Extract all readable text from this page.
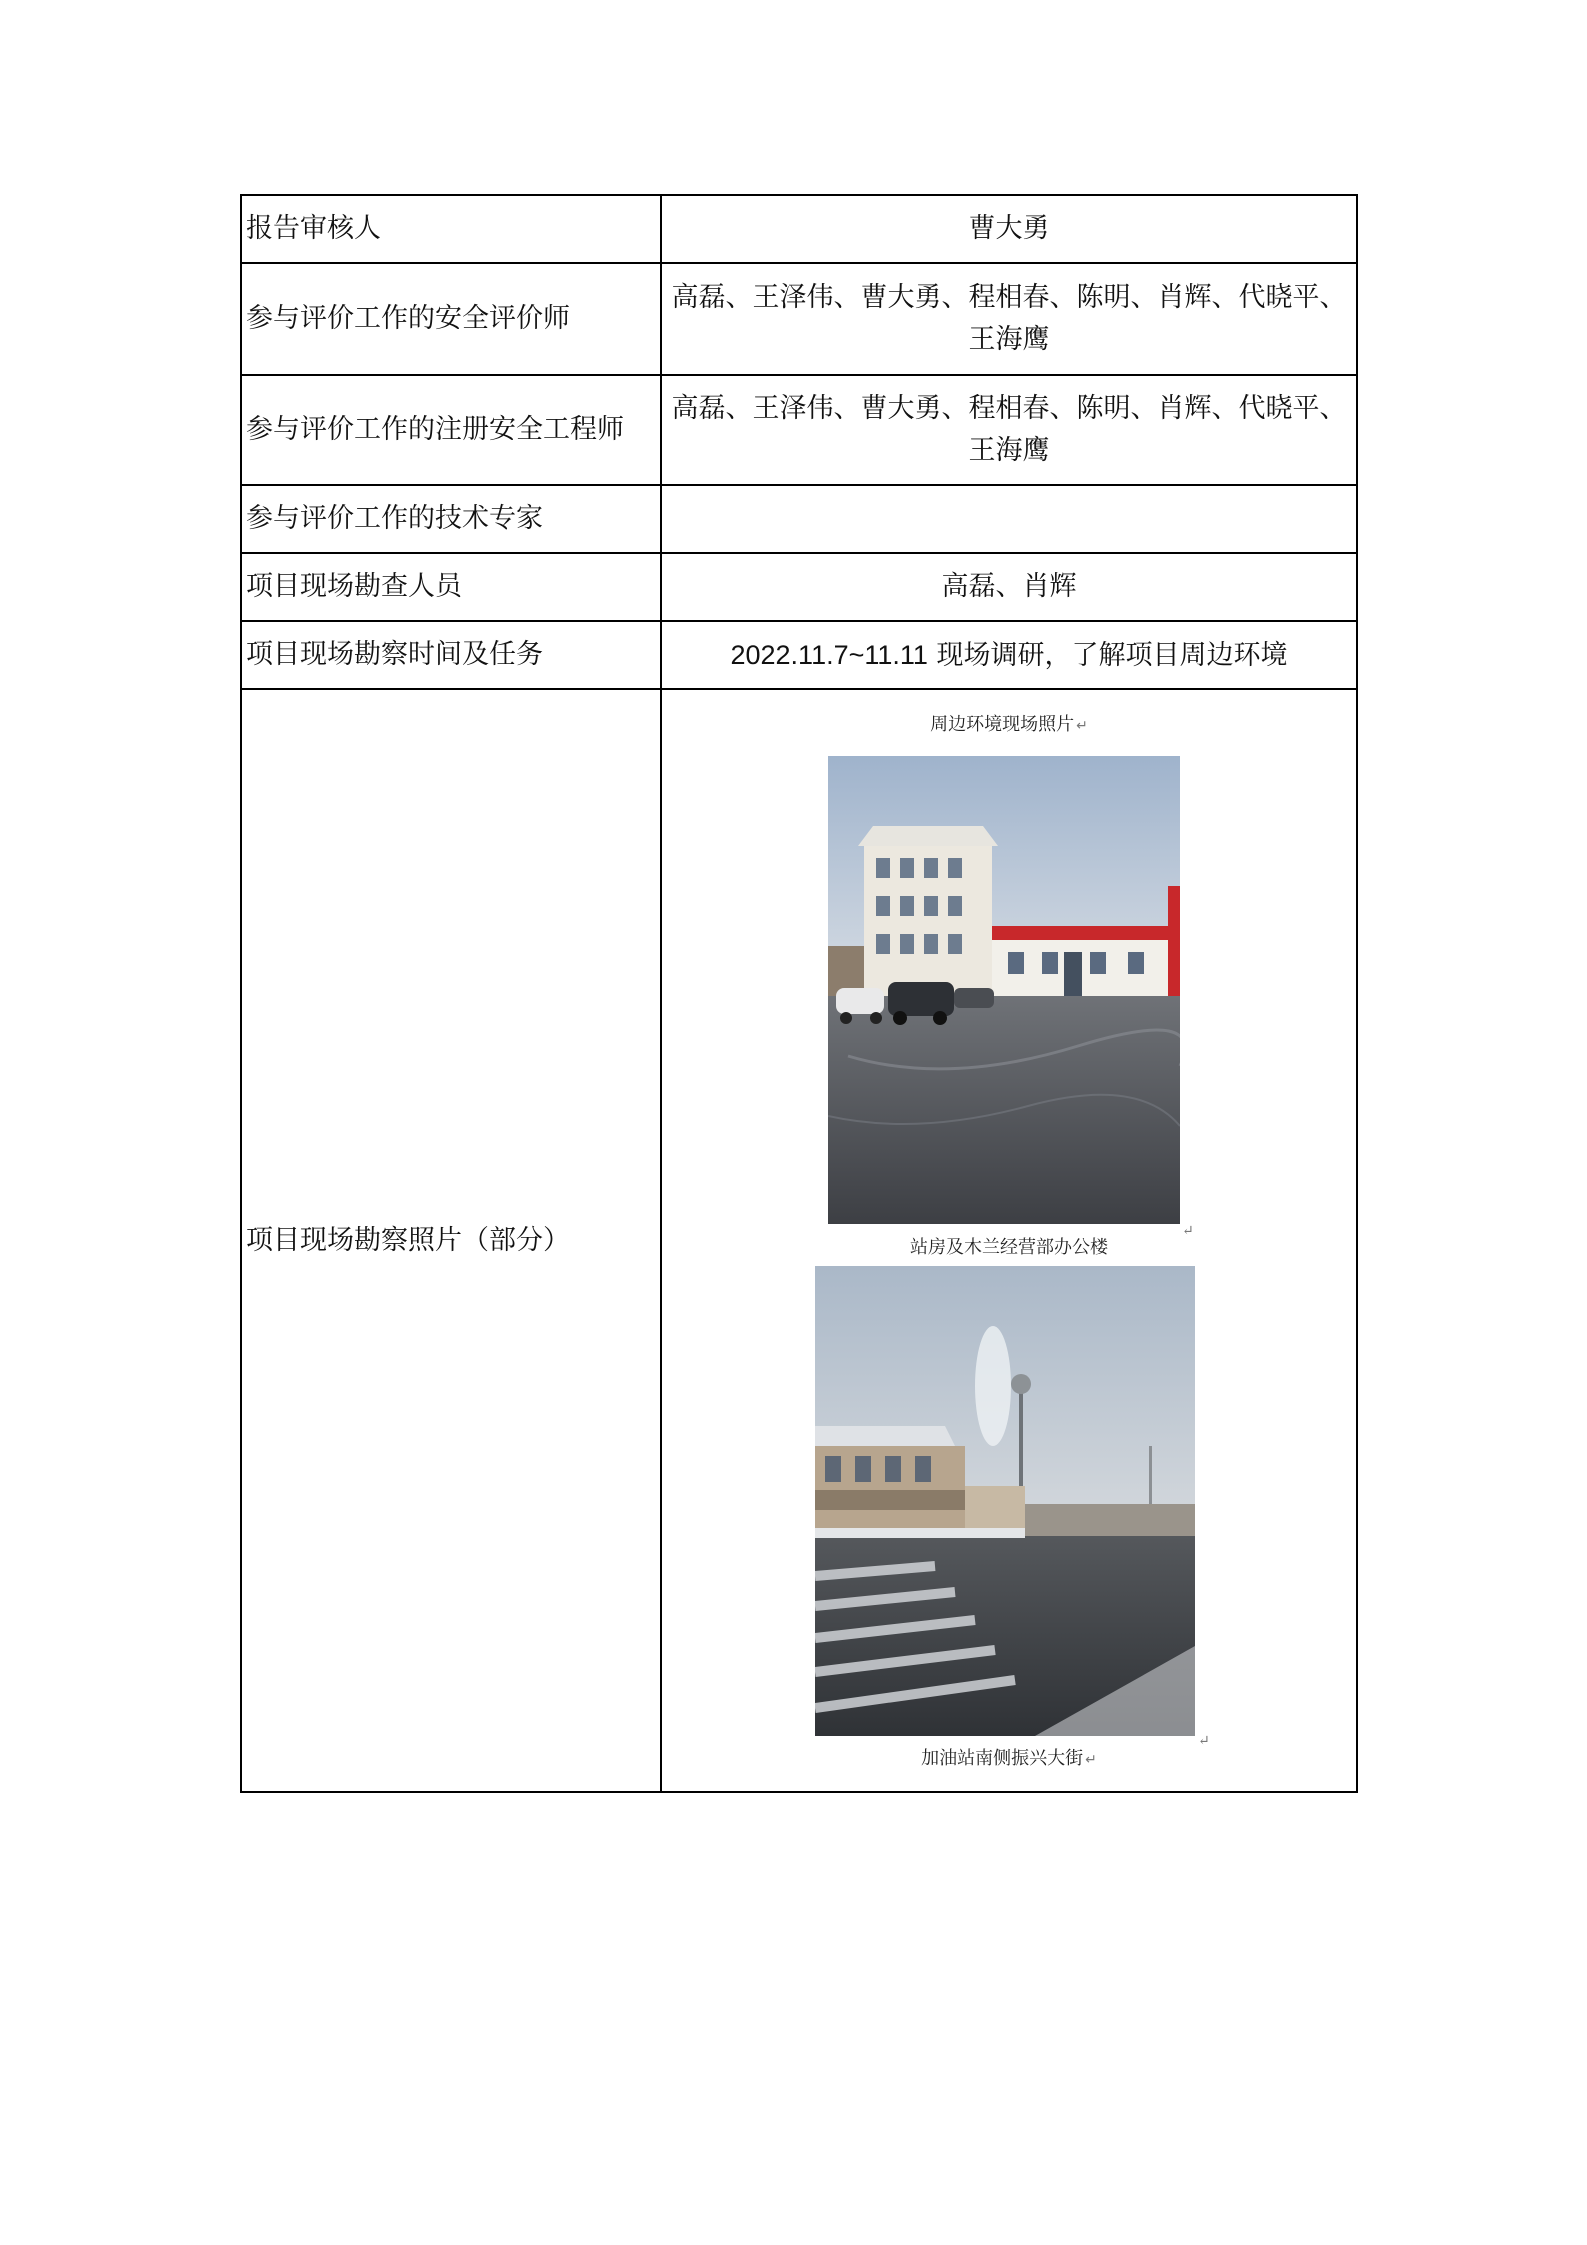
报告审核人	曹大勇
参与评价工作的安全评价师	高磊、王泽伟、曹大勇、程相春、陈明、肖辉、代晓平、王海鹰
参与评价工作的注册安全工程师	高磊、王泽伟、曹大勇、程相春、陈明、肖辉、代晓平、王海鹰
参与评价工作的技术专家	
项目现场勘查人员	高磊、肖辉
项目现场勘察时间及任务	2022.11.7~11.11 现场调研，了解项目周边环境
项目现场勘察照片（部分）	周边环境现场照片 ↵
站房及木兰经营部办公楼
↵
↵
加油站南侧振兴大街 ↵
